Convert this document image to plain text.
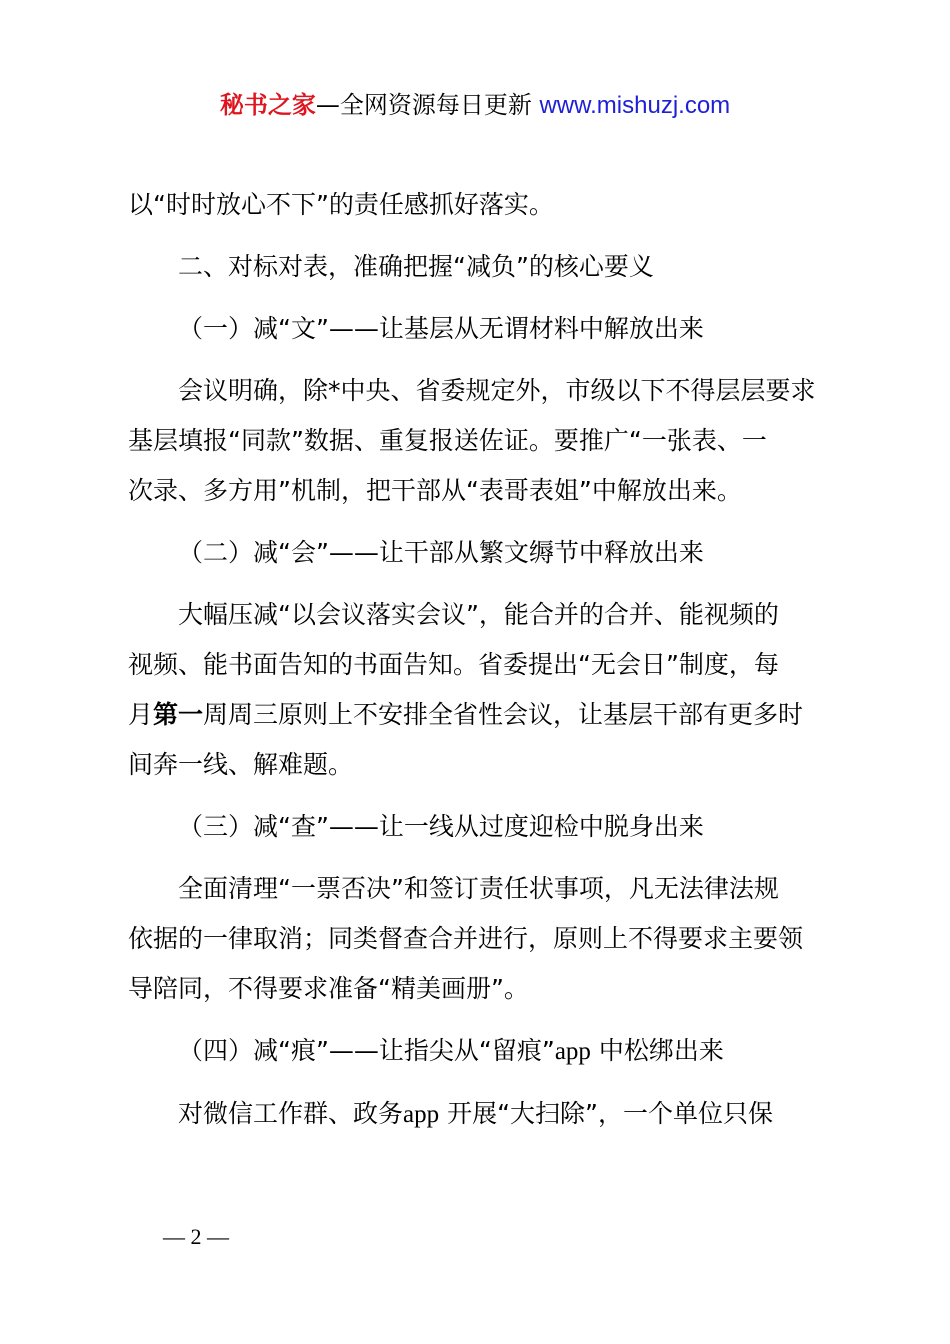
秘书之家—全网资源每日更新 www.mishuzj.com
以“时时放心不下”的责任感抓好落实。
二、对标对表，准确把握“减负”的核心要义
（一）减“文”——让基层从无谓材料中解放出来
会议明确，除*中央、省委规定外，市级以下不得层层要求
基层填报“同款”数据、重复报送佐证。要推广“一张表、一
次录、多方用”机制，把干部从“表哥表姐”中解放出来。
（二）减“会”——让干部从繁文缛节中释放出来
大幅压减“以会议落实会议”，能合并的合并、能视频的
视频、能书面告知的书面告知。省委提出“无会日”制度，每
月第一周周三原则上不安排全省性会议，让基层干部有更多时
间奔一线、解难题。
（三）减“查”——让一线从过度迎检中脱身出来
全面清理“一票否决”和签订责任状事项，凡无法律法规
依据的一律取消；同类督查合并进行，原则上不得要求主要领
导陪同，不得要求准备“精美画册”。
（四）减“痕”——让指尖从“留痕”app 中松绑出来
对微信工作群、政务app 开展“大扫除”，一个单位只保
— 2 —
